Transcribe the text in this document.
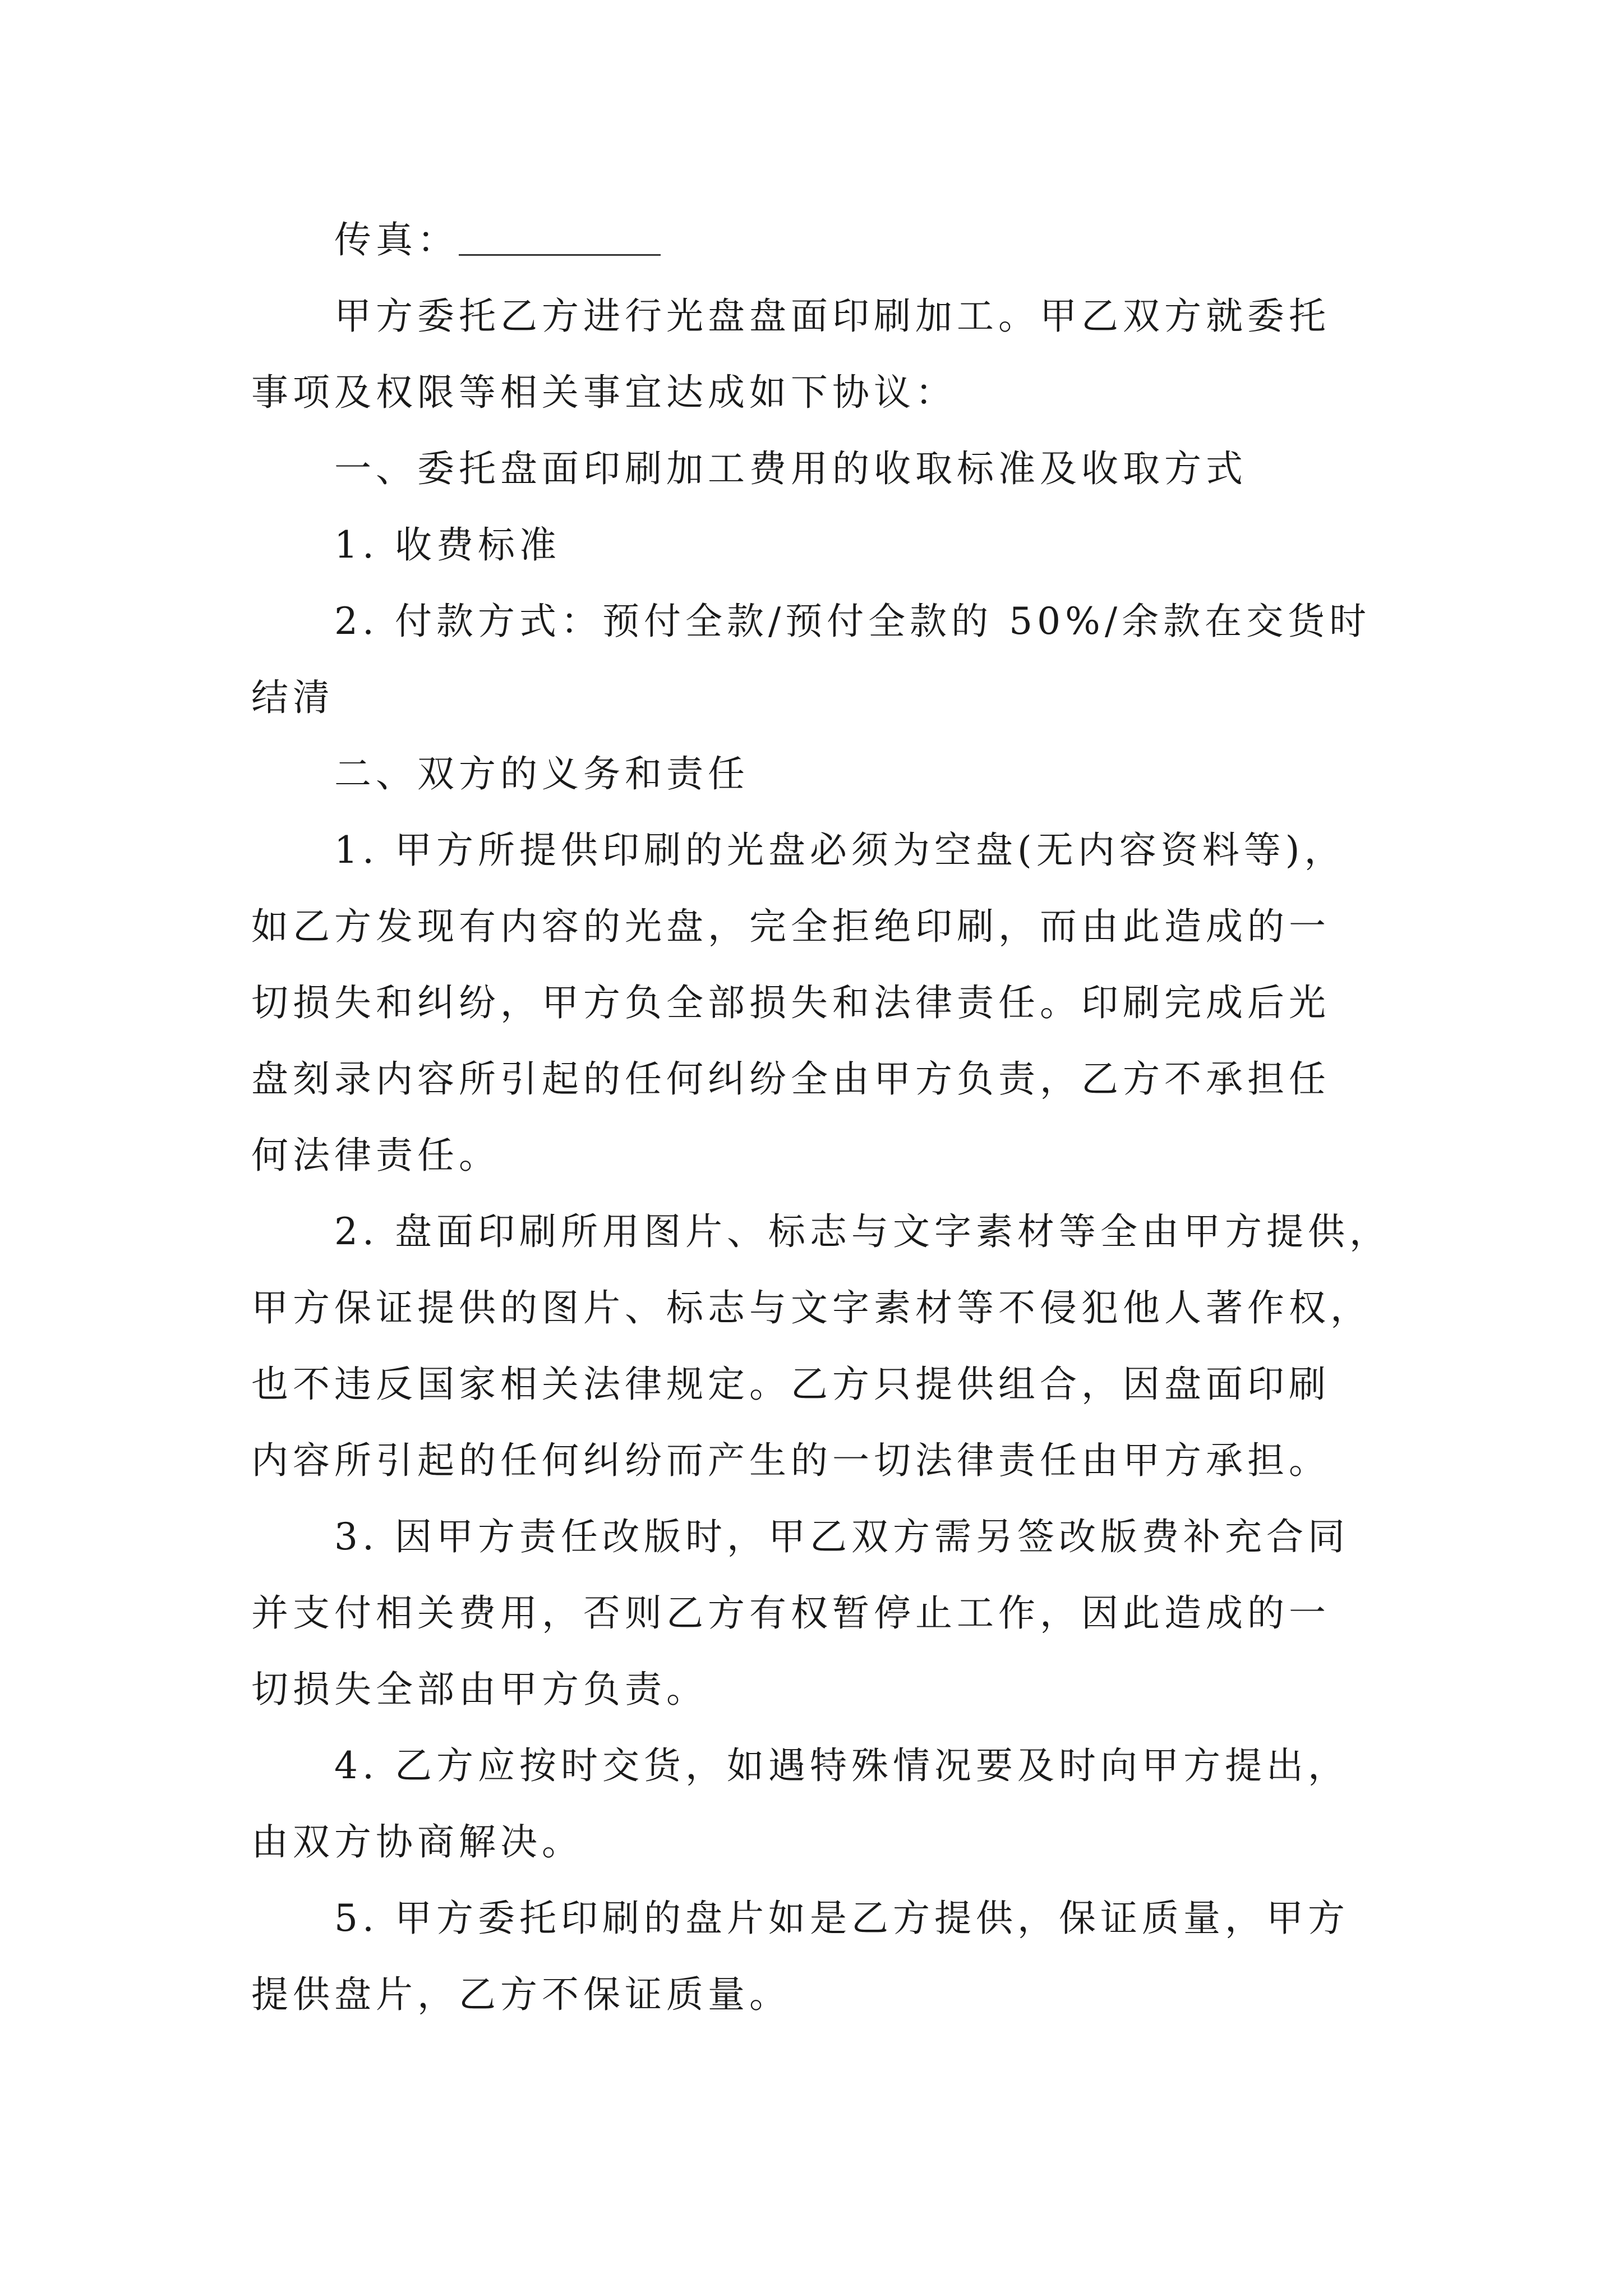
传真：

甲方委托乙方进行光盘盘面印刷加工。甲乙双方就委托

事项及权限等相关事宜达成如下协议：

一、委托盘面印刷加工费用的收取标准及收取方式

1. 收费标准

2. 付款方式：预付全款/预付全款的 50%/余款在交货时

结清

二、双方的义务和责任

1. 甲方所提供印刷的光盘必须为空盘(无内容资料等)，

如乙方发现有内容的光盘，完全拒绝印刷，而由此造成的一

切损失和纠纷，甲方负全部损失和法律责任。印刷完成后光

盘刻录内容所引起的任何纠纷全由甲方负责，乙方不承担任

何法律责任。

2. 盘面印刷所用图片、标志与文字素材等全由甲方提供，

甲方保证提供的图片、标志与文字素材等不侵犯他人著作权，

也不违反国家相关法律规定。乙方只提供组合，因盘面印刷

内容所引起的任何纠纷而产生的一切法律责任由甲方承担。

3. 因甲方责任改版时，甲乙双方需另签改版费补充合同

并支付相关费用，否则乙方有权暂停止工作，因此造成的一

切损失全部由甲方负责。

4. 乙方应按时交货，如遇特殊情况要及时向甲方提出，

由双方协商解决。

5. 甲方委托印刷的盘片如是乙方提供，保证质量，甲方

提供盘片，乙方不保证质量。
